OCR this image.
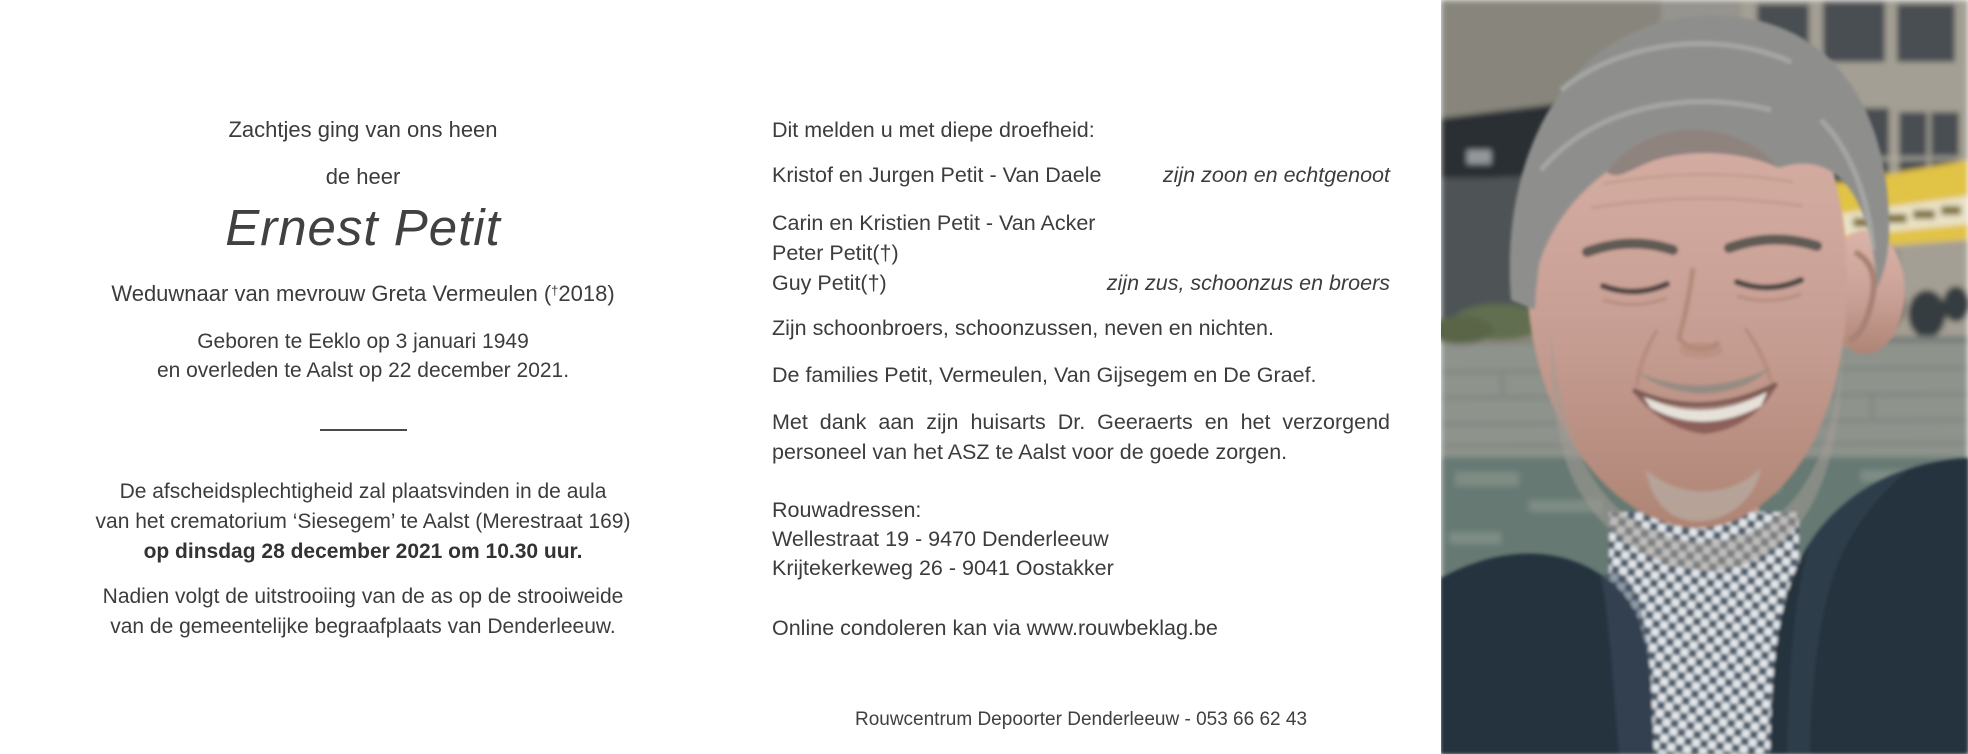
Zachtjes ging van ons heen
de heer
Ernest Petit
Weduwnaar van mevrouw Greta Vermeulen (†2018)
Geboren te Eeklo op 3 januari 1949
en overleden te Aalst op 22 december 2021.
De afscheidsplechtigheid zal plaatsvinden in de aula
van het crematorium ‘Siesegem’ te Aalst (Merestraat 169)
op dinsdag 28 december 2021 om 10.30 uur.
Nadien volgt de uitstrooiing van de as op de strooiweide
van de gemeentelijke begraafplaats van Denderleeuw.
Dit melden u met diepe droefheid:
Kristof en Jurgen Petit - Van Daele	zijn zoon en echtgenoot
Carin en Kristien Petit - Van Acker
Peter Petit(†)
Guy Petit(†)	zijn zus, schoonzus en broers
Zijn schoonbroers, schoonzussen, neven en nichten.
De families Petit, Vermeulen, Van Gijsegem en De Graef.
Met dank aan zijn huisarts Dr. Geeraerts en het verzorgend personeel van het ASZ te Aalst voor de goede zorgen.
Rouwadressen:
Wellestraat 19 - 9470 Denderleeuw
Krijtekerkeweg 26 - 9041 Oostakker
Online condoleren kan via www.rouwbeklag.be
Rouwcentrum Depoorter Denderleeuw - 053 66 62 43
